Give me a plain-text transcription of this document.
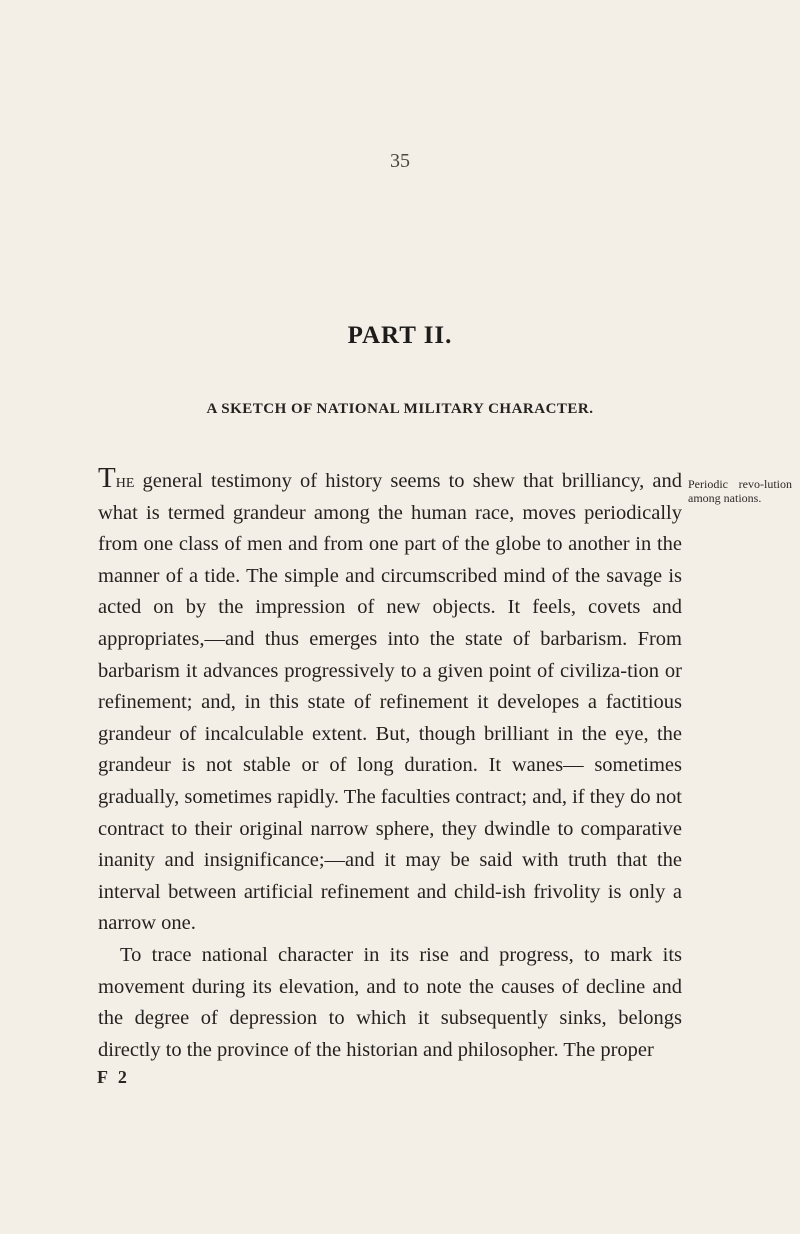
35
PART II.
A SKETCH OF NATIONAL MILITARY CHARACTER.

The general testimony of history seems to shew that brilliancy, and what is termed grandeur among the human race, moves periodically from one class of men and from one part of the globe to another in the manner of a tide. The simple and circumscribed mind of the savage is acted on by the impression of new objects. It feels, covets and appropriates,—and thus emerges into the state of barbarism. From barbarism it advances progressively to a given point of civiliza-tion or refinement; and, in this state of refinement it developes a factitious grandeur of incalculable extent. But, though brilliant in the eye, the grandeur is not stable or of long duration. It wanes— sometimes gradually, sometimes rapidly. The faculties contract; and, if they do not contract to their original narrow sphere, they dwindle to comparative inanity and insignificance;—and it may be said with truth that the interval between artificial refinement and child-ish frivolity is only a narrow one.

To trace national character in its rise and progress, to mark its movement during its elevation, and to note the causes of decline and the degree of depression to which it subsequently sinks, belongs directly to the province of the historian and philosopher. The proper

Periodic revo-lution among nations.
F 2
